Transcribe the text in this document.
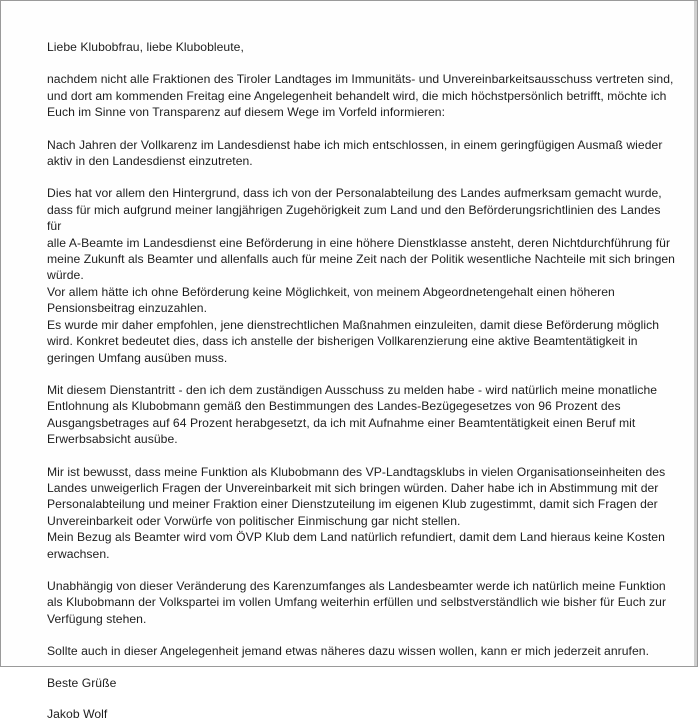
Liebe Klubobfrau, liebe Klubobleute,

nachdem nicht alle Fraktionen des Tiroler Landtages im Immunitäts- und Unvereinbarkeitsausschuss vertreten sind,
und dort am kommenden Freitag eine Angelegenheit behandelt wird, die mich höchstpersönlich betrifft, möchte ich
Euch im Sinne von Transparenz auf diesem Wege im Vorfeld informieren:

Nach Jahren der Vollkarenz im Landesdienst habe ich mich entschlossen, in einem geringfügigen Ausmaß wieder
aktiv in den Landesdienst einzutreten.

Dies hat vor allem den Hintergrund, dass ich von der Personalabteilung des Landes aufmerksam gemacht wurde,
dass für mich aufgrund meiner langjährigen Zugehörigkeit zum Land und den Beförderungsrichtlinien des Landes für
alle A-Beamte im Landesdienst eine Beförderung in eine höhere Dienstklasse ansteht, deren Nichtdurchführung für
meine Zukunft als Beamter und allenfalls auch für meine Zeit nach der Politik wesentliche Nachteile mit sich bringen
würde.
Vor allem hätte ich ohne Beförderung keine Möglichkeit, von meinem Abgeordnetengehalt einen höheren
Pensionsbeitrag einzuzahlen.
Es wurde mir daher empfohlen, jene dienstrechtlichen Maßnahmen einzuleiten, damit diese Beförderung möglich
wird. Konkret bedeutet dies, dass ich anstelle der bisherigen Vollkarenzierung eine aktive Beamtentätigkeit in
geringen Umfang ausüben muss.

Mit diesem Dienstantritt - den ich dem zuständigen Ausschuss zu melden habe - wird natürlich meine monatliche
Entlohnung als Klubobmann gemäß den Bestimmungen des Landes-Bezügegesetzes von 96 Prozent des
Ausgangsbetrages auf 64 Prozent herabgesetzt, da ich mit Aufnahme einer Beamtentätigkeit einen Beruf mit
Erwerbsabsicht ausübe.

Mir ist bewusst, dass meine Funktion als Klubobmann des VP-Landtagsklubs in vielen Organisationseinheiten des
Landes unweigerlich Fragen der Unvereinbarkeit mit sich bringen würden. Daher habe ich in Abstimmung mit der
Personalabteilung und meiner Fraktion einer Dienstzuteilung im eigenen Klub zugestimmt, damit sich Fragen der
Unvereinbarkeit oder Vorwürfe von politischer Einmischung gar nicht stellen.
Mein Bezug als Beamter wird vom ÖVP Klub dem Land natürlich refundiert, damit dem Land hieraus keine Kosten
erwachsen.

Unabhängig von dieser Veränderung des Karenzumfanges als Landesbeamter werde ich natürlich meine Funktion
als Klubobmann der Volkspartei im vollen Umfang weiterhin erfüllen und selbstverständlich wie bisher für Euch zur
Verfügung stehen.

Sollte auch in dieser Angelegenheit jemand etwas näheres dazu wissen wollen, kann er mich jederzeit anrufen.

Beste Grüße

Jakob Wolf
